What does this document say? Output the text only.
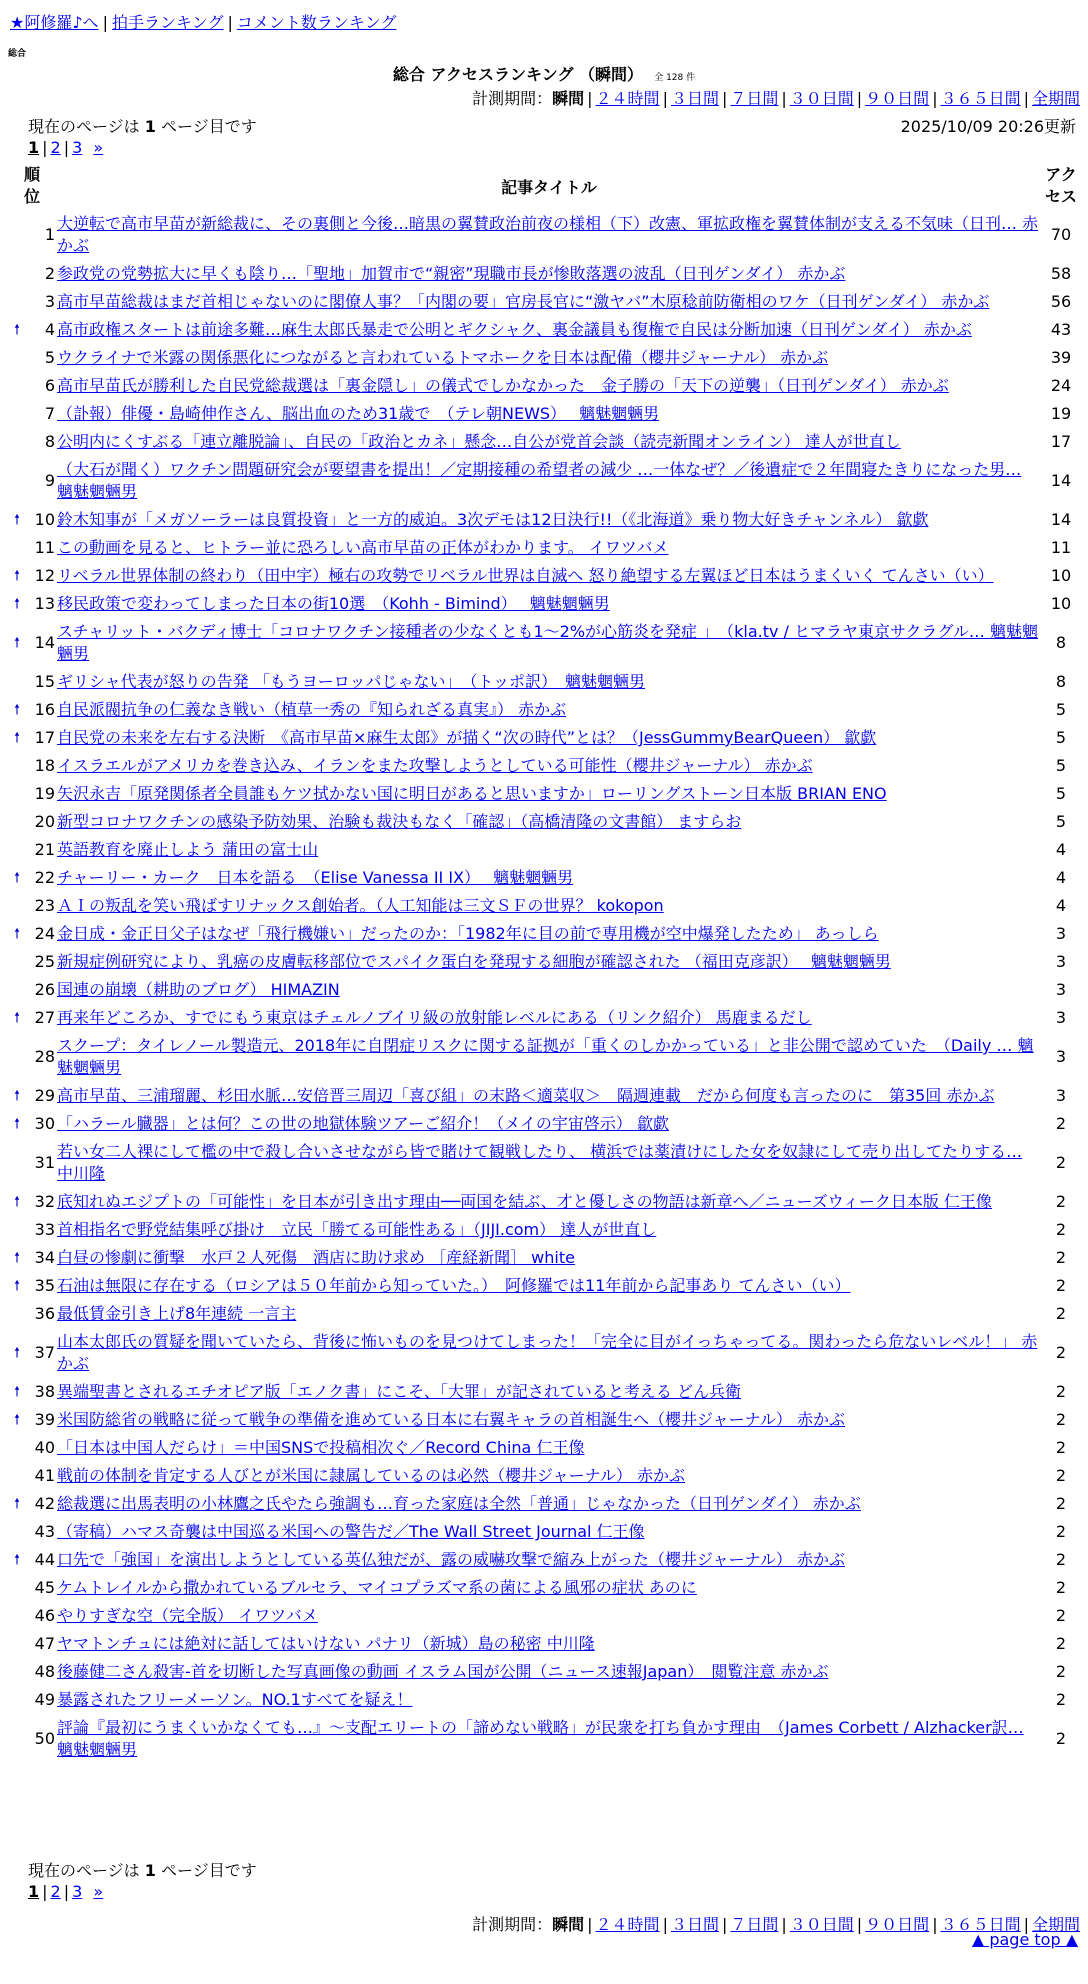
★阿修羅♪へ | 拍手ランキング | コメント数ランキング
総合
総合 アクセスランキング （瞬間） 全 128 件
計測期間：瞬間 | ２４時間 | ３日間 | ７日間 | ３０日間 | ９０日間 | ３６５日間 | 全期間
現在のページは 1 ページ目です	2025/10/09 20:26更新
1 | 2 | 3 »
順
位		記事タイトル	アク
セス
	1	大逆転で高市早苗が新総裁に、その裏側と今後…暗黒の翼賛政治前夜の様相（下）改憲、軍拡政権を翼賛体制が支える不気味（日刊… 赤かぶ	70
	2	参政党の党勢拡大に早くも陰り…「聖地」加賀市で“親密”現職市長が惨敗落選の波乱（日刊ゲンダイ） 赤かぶ	58
	3	高市早苗総裁はまだ首相じゃないのに閣僚人事？「内閣の要」官房長官に“激ヤバ”木原稔前防衛相のワケ（日刊ゲンダイ） 赤かぶ	56
🠕	4	高市政権スタートは前途多難…麻生太郎氏暴走で公明とギクシャク、裏金議員も復権で自民は分断加速（日刊ゲンダイ） 赤かぶ	43
	5	ウクライナで米露の関係悪化につながると言われているトマホークを日本は配備（櫻井ジャーナル） 赤かぶ	39
	6	高市早苗氏が勝利した自民党総裁選は「裏金隠し」の儀式でしかなかった　金子勝の「天下の逆襲」（日刊ゲンダイ） 赤かぶ	24
	7	（訃報）俳優・島崎伸作さん、脳出血のため31歳で　（テレ朝NEWS）　 魑魅魍魎男	19
	8	公明内にくすぶる「連立離脱論」、自民の「政治とカネ」懸念…自公が党首会談（読売新聞オンライン） 達人が世直し	17
	9	（大石が聞く）ワクチン問題研究会が要望書を提出！／定期接種の希望者の減少 …一体なぜ？／後遺症で２年間寝たきりになった男… 魑魅魍魎男	14
🠕	10	鈴木知事が「メガソーラーは良質投資」と一方的威迫。3次デモは12日決行!!（《北海道》乗り物大好きチャンネル） 歙歔	14
	11	この動画を見ると、ヒトラー並に恐ろしい高市早苗の正体がわかります。 イワツバメ	11
🠕	12	リベラル世界体制の終わり（田中宇）極右の攻勢でリベラル世界は自滅へ 怒り絶望する左翼ほど日本はうまくいく てんさい（い）	10
🠕	13	移民政策で変わってしまった日本の街10選　（Kohh - Bimind）　 魑魅魍魎男	10
🠕	14	スチャリット・バクディ博士「コロナワクチン接種者の少なくとも1～2%が心筋炎を発症 」　（kla.tv / ヒマラヤ東京サクラグル… 魑魅魍魎男	8
	15	ギリシャ代表が怒りの告発 「もうヨーロッパじゃない」　（トッポ訳）　魑魅魍魎男	8
🠕	16	自民派閥抗争の仁義なき戦い（植草一秀の『知られざる真実』） 赤かぶ	5
🠕	17	自民党の未来を左右する決断　《高市早苗×麻生太郎》が描く“次の時代”とは？（JessGummyBearQueen） 歙歔	5
	18	イスラエルがアメリカを巻き込み、イランをまた攻撃しようとしている可能性（櫻井ジャーナル） 赤かぶ	5
	19	矢沢永吉「原発関係者全員誰もケツ拭かない国に明日があると思いますか」ローリングストーン日本版 BRIAN ENO	5
	20	新型コロナワクチンの感染予防効果、治験も裁決もなく「確認」（高橋清隆の文書館） ますらお	5
	21	英語教育を廃止しよう 蒲田の富士山	4
🠕	22	チャーリー・カーク　日本を語る　（Elise Vanessa II IX）　 魑魅魍魎男	4
	23	ＡＩの叛乱を笑い飛ばすリナックス創始者。（人工知能は三文ＳＦの世界？ kokopon	4
🠕	24	金日成・金正日父子はなぜ「飛行機嫌い」だったのか：「1982年に目の前で専用機が空中爆発したため」 あっしら	3
	25	新規症例研究により、乳癌の皮膚転移部位でスパイク蛋白を発現する細胞が確認された （福田克彦訳）　 魑魅魍魎男	3
	26	国連の崩壊（耕助のブログ） HIMAZIN	3
🠕	27	再来年どころか、すでにもう東京はチェルノブイリ級の放射能レベルにある（リンク紹介） 馬鹿まるだし	3
	28	スクープ：タイレノール製造元、2018年に自閉症リスクに関する証拠が「重くのしかかっている」と非公開で認めていた　（Daily … 魑魅魍魎男	3
🠕	29	高市早苗、三浦瑠麗、杉田水脈…安倍晋三周辺「喜び組」の末路＜適菜収＞　隔週連載　だから何度も言ったのに　第35回 赤かぶ	3
🠕	30	「ハラール臓器」とは何？この世の地獄体験ツアーご紹介！（メイの宇宙啓示） 歙歔	2
	31	若い女二人裸にして檻の中で殺し合いさせながら皆で賭けて観戦したり、 横浜では薬漬けにした女を奴隷にして売り出してたりする… 中川隆	2
🠕	32	底知れぬエジプトの「可能性」を日本が引き出す理由──両国を結ぶ、才と優しさの物語は新章へ／ニューズウィーク日本版 仁王像	2
	33	首相指名で野党結集呼び掛け　立民「勝てる可能性ある」（JIJI.com） 達人が世直し	2
🠕	34	白昼の惨劇に衝撃　水戸２人死傷　酒店に助け求め ［産経新聞］ white	2
🠕	35	石油は無限に存在する（ロシアは５０年前から知っていた。）　阿修羅では11年前から記事あり てんさい（い）	2
	36	最低賃金引き上げ8年連続 一言主	2
🠕	37	山本太郎氏の質疑を聞いていたら、背後に怖いものを見つけてしまった！「完全に目がイっちゃってる。関わったら危ないレベル！」 赤かぶ	2
🠕	38	異端聖書とされるエチオピア版「エノク書」にこそ、「大罪」が記されていると考える どん兵衛	2
🠕	39	米国防総省の戦略に従って戦争の準備を進めている日本に右翼キャラの首相誕生へ（櫻井ジャーナル） 赤かぶ	2
	40	「日本は中国人だらけ」＝中国SNSで投稿相次ぐ／Record China 仁王像	2
	41	戦前の体制を肯定する人びとが米国に隷属しているのは必然（櫻井ジャーナル） 赤かぶ	2
🠕	42	総裁選に出馬表明の小林鷹之氏やたら強調も…育った家庭は全然「普通」じゃなかった（日刊ゲンダイ） 赤かぶ	2
	43	（寄稿）ハマス奇襲は中国巡る米国への警告だ／The Wall Street Journal 仁王像	2
🠕	44	口先で「強国」を演出しようとしている英仏独だが、露の威嚇攻撃で縮み上がった（櫻井ジャーナル） 赤かぶ	2
	45	ケムトレイルから撒かれているブルセラ、マイコプラズマ系の菌による風邪の症状 あのに	2
	46	やりすぎな空（完全版） イワツバメ	2
	47	ヤマトンチュには絶対に話してはいけない パナリ（新城）島の秘密 中川隆	2
	48	後藤健二さん殺害-首を切断した写真画像の動画 イスラム国が公開（ニュース速報Japan）　閲覧注意 赤かぶ	2
	49	暴露されたフリーメーソン。NO.1すべてを疑え！	2
	50	評論『最初にうまくいかなくても…』～支配エリートの「諦めない戦略」が民衆を打ち負かす理由　（James Corbett / Alzhacker訳… 魑魅魍魎男	2
現在のページは 1 ページ目です
1 | 2 | 3 »
計測期間：瞬間 | ２４時間 | ３日間 | ７日間 | ３０日間 | ９０日間 | ３６５日間 | 全期間
▲ page top ▲
